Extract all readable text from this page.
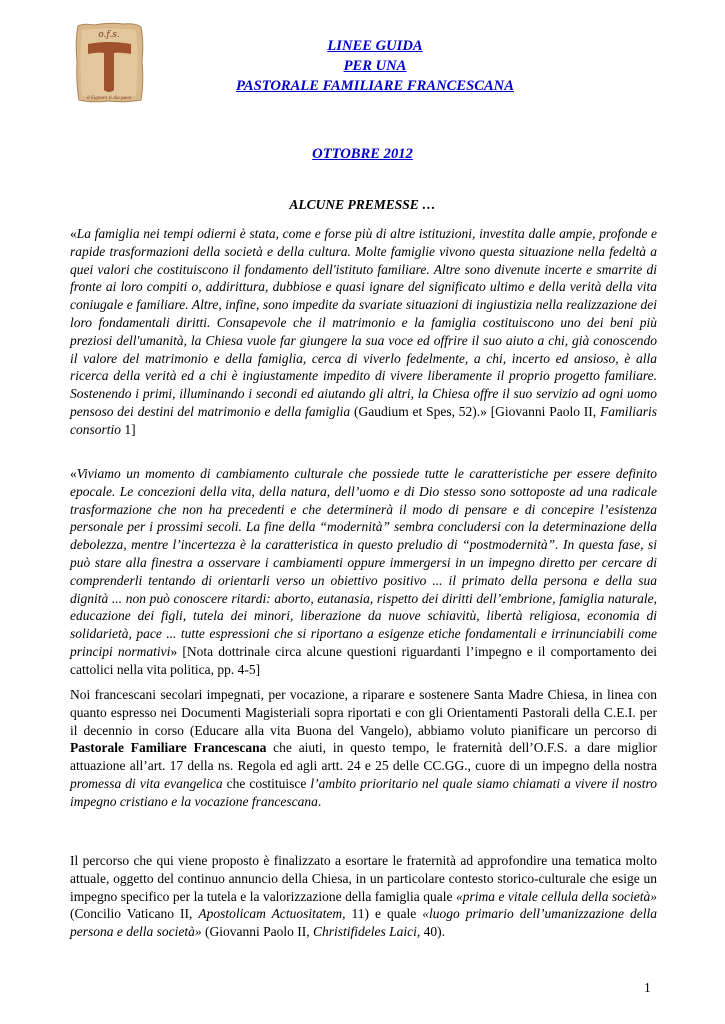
o.f.s.
il Signore ti dia pace
LINEE GUIDA
PER UNA
PASTORALE FAMILIARE FRANCESCANA
OTTOBRE 2012
ALCUNE PREMESSE …
«La famiglia nei tempi odierni è stata, come e forse più di altre istituzioni, investita dalle ampie, profonde e rapide trasformazioni della società e della cultura. Molte famiglie vivono questa situazione nella fedeltà a quei valori che costituiscono il fondamento dell'istituto familiare. Altre sono divenute incerte e smarrite di fronte ai loro compiti o, addirittura, dubbiose e quasi ignare del significato ultimo e della verità della vita coniugale e familiare. Altre, infine, sono impedite da svariate situazioni di ingiustizia nella realizzazione dei loro fondamentali diritti. Consapevole che il matrimonio e la famiglia costituiscono uno dei beni più preziosi dell'umanità, la Chiesa vuole far giungere la sua voce ed offrire il suo aiuto a chi, già conoscendo il valore del matrimonio e della famiglia, cerca di viverlo fedelmente, a chi, incerto ed ansioso, è alla ricerca della verità ed a chi è ingiustamente impedito di vivere liberamente il proprio progetto familiare. Sostenendo i primi, illuminando i secondi ed aiutando gli altri, la Chiesa offre il suo servizio ad ogni uomo pensoso dei destini del matrimonio e della famiglia (Gaudium et Spes, 52).» [Giovanni Paolo II, Familiaris consortio 1]
«Viviamo un momento di cambiamento culturale che possiede tutte le caratteristiche per essere definito epocale. Le concezioni della vita, della natura, dell’uomo e di Dio stesso sono sottoposte ad una radicale trasformazione che non ha precedenti e che determinerà il modo di pensare e di concepire l’esistenza personale per i prossimi secoli. La fine della “modernità” sembra concludersi con la determinazione della debolezza, mentre l’incertezza è la caratteristica in questo preludio di “postmodernità”. In questa fase, si può stare alla finestra a osservare i cambiamenti oppure immergersi in un impegno diretto per cercare di comprenderli tentando di orientarli verso un obiettivo positivo ... il primato della persona e della sua dignità ... non può conoscere ritardi: aborto, eutanasia, rispetto dei diritti dell’embrione, famiglia naturale, educazione dei figli, tutela dei minori, liberazione da nuove schiavitù, libertà religiosa, economia di solidarietà, pace ... tutte espressioni che si riportano a esigenze etiche fondamentali e irrinunciabili come principi normativi» [Nota dottrinale circa alcune questioni riguardanti l’impegno e il comportamento dei cattolici nella vita politica, pp. 4-5]
Noi francescani secolari impegnati, per vocazione, a riparare e sostenere Santa Madre Chiesa, in linea con quanto espresso nei Documenti Magisteriali sopra riportati e con gli Orientamenti Pastorali della C.E.I. per il decennio in corso (Educare alla vita Buona del Vangelo), abbiamo voluto pianificare un percorso di Pastorale Familiare Francescana che aiuti, in questo tempo, le fraternità dell’O.F.S. a dare miglior attuazione all’art. 17 della ns. Regola ed agli artt. 24 e 25 delle CC.GG., cuore di un impegno della nostra promessa di vita evangelica che costituisce l’ambito prioritario nel quale siamo chiamati a vivere il nostro impegno cristiano e la vocazione francescana.
Il percorso che qui viene proposto è finalizzato a esortare le fraternità ad approfondire una tematica molto attuale, oggetto del continuo annuncio della Chiesa, in un particolare contesto storico-culturale che esige un impegno specifico per la tutela e la valorizzazione della famiglia quale «prima e vitale cellula della società» (Concilio Vaticano II, Apostolicam Actuositatem, 11) e quale «luogo primario dell’umanizzazione della persona e della società» (Giovanni Paolo II, Christifideles Laici, 40).
1
